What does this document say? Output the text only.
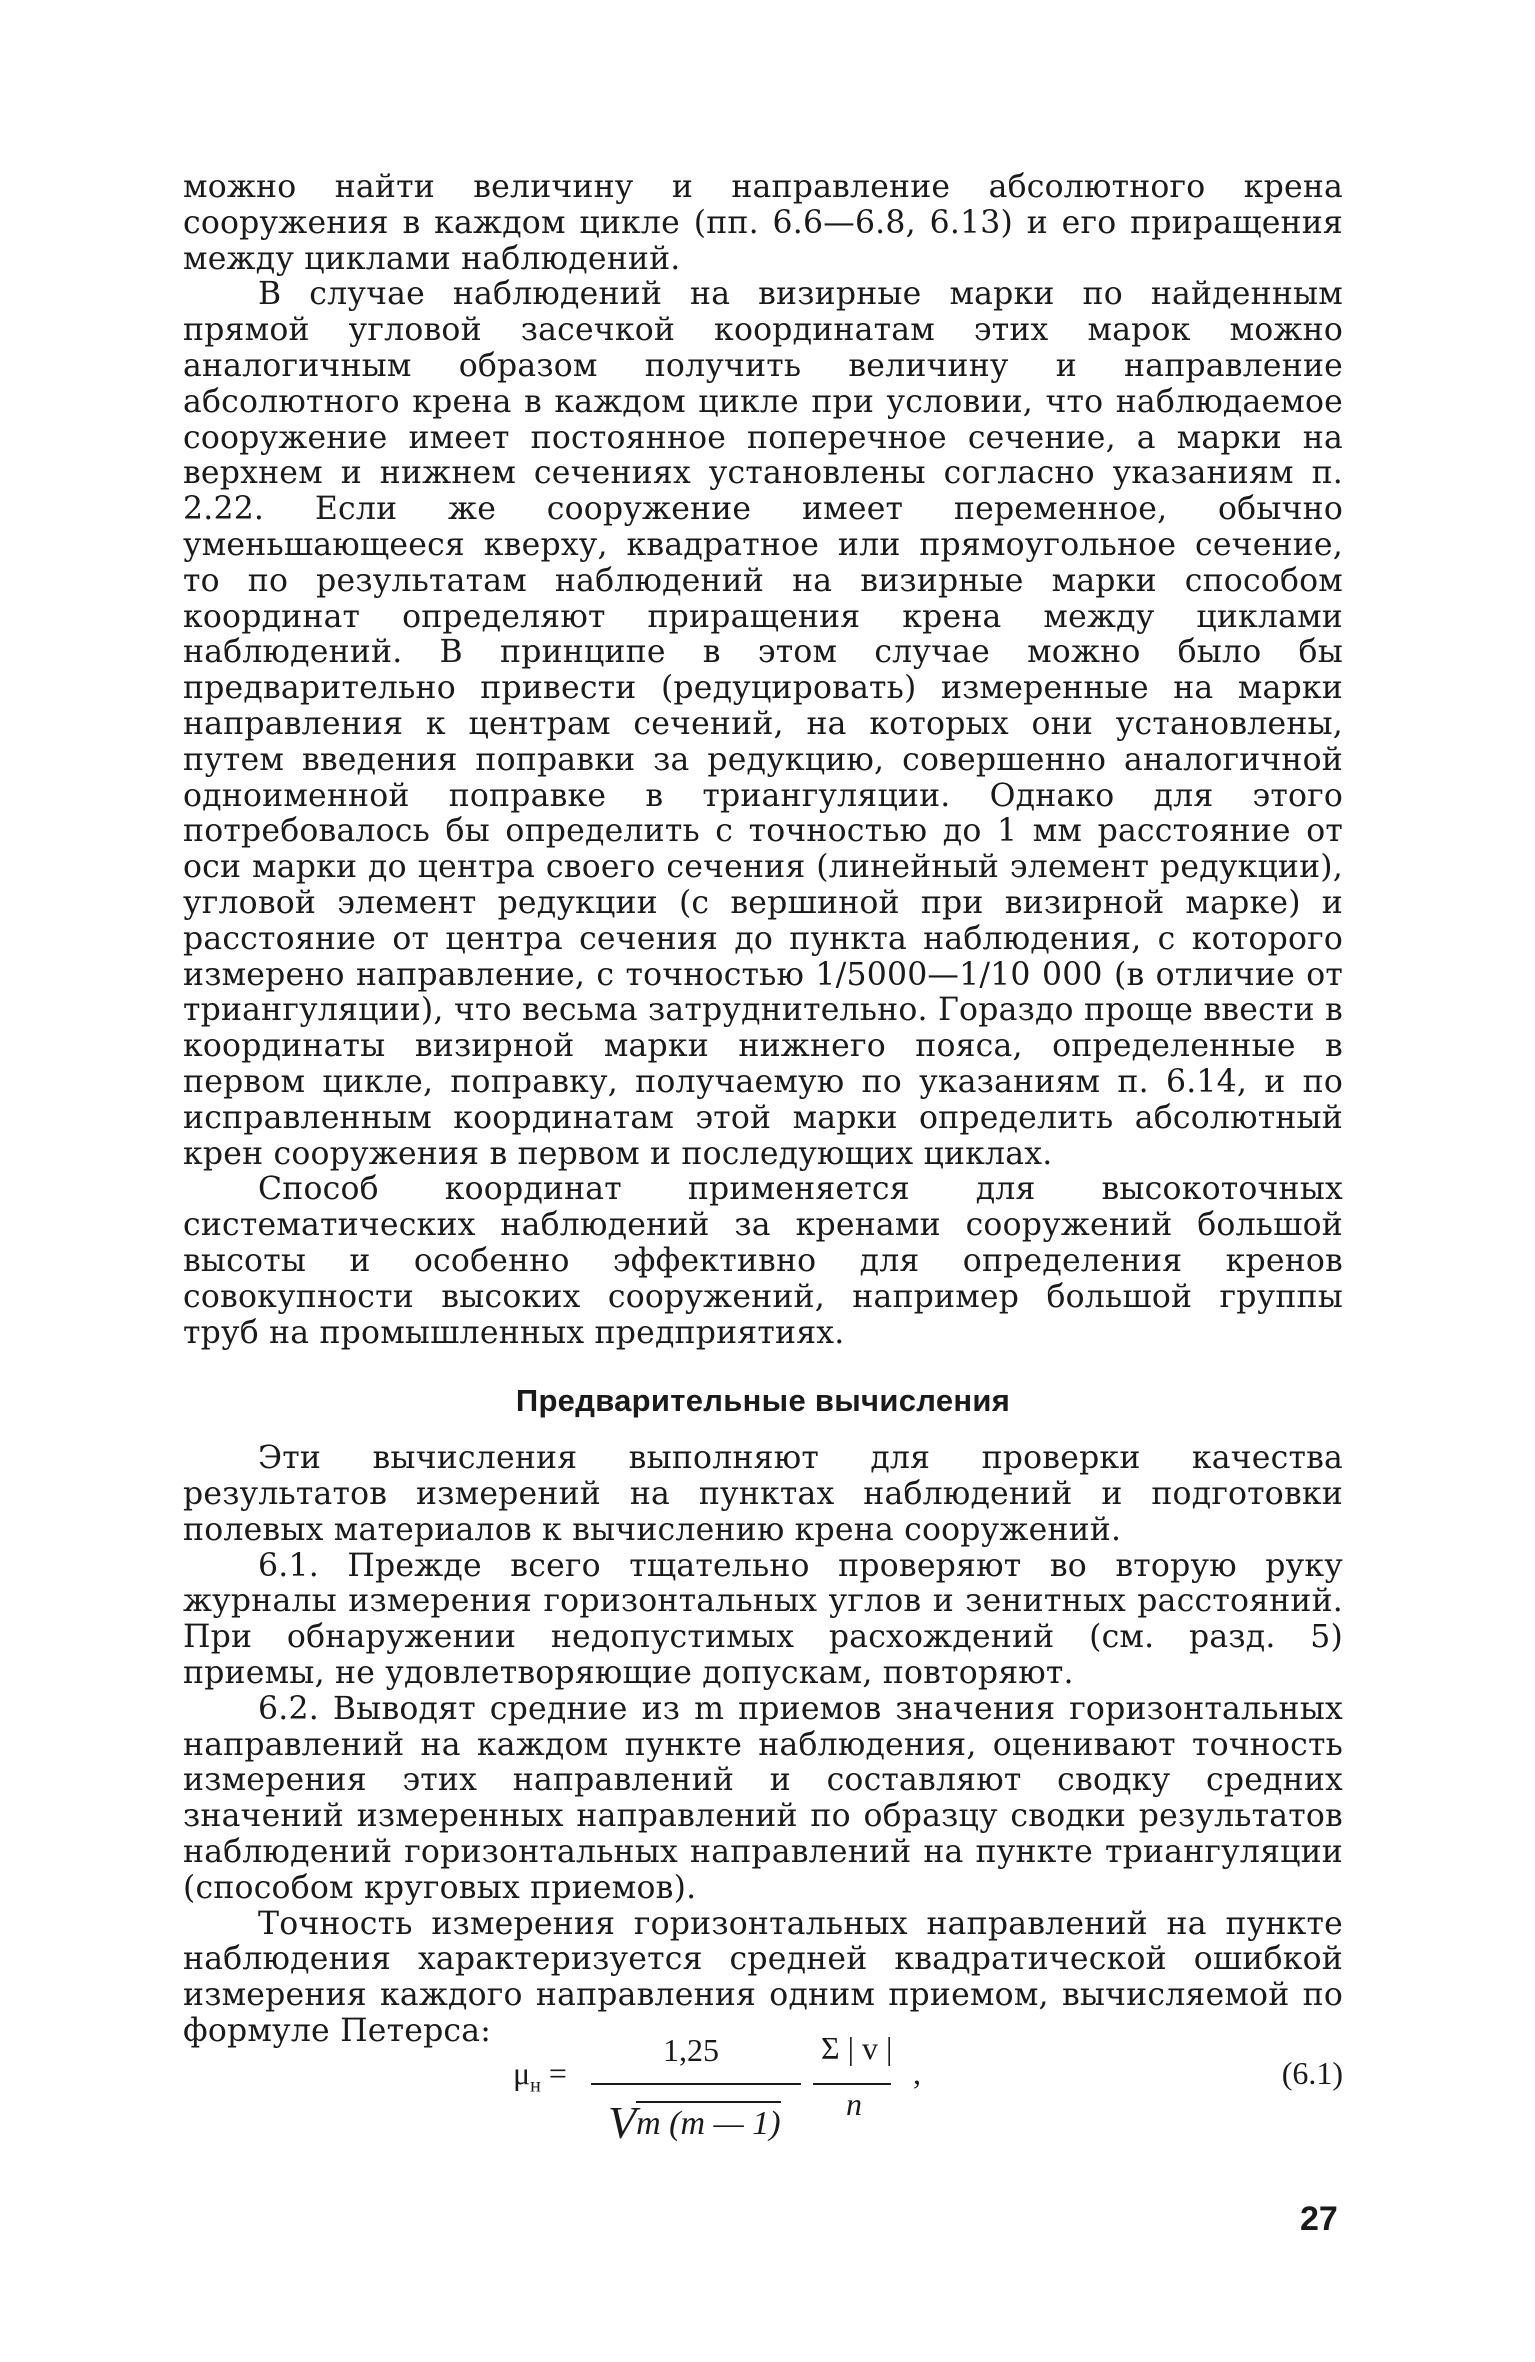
можно найти величину и направление абсолютного крена сооружения в каждом цикле (пп. 6.6—6.8, 6.13) и его приращения между циклами наблюдений.

В случае наблюдений на визирные марки по найденным прямой угловой засечкой координатам этих марок можно аналогичным образом получить величину и направление абсолютного крена в каждом цикле при условии, что наблюдаемое сооружение имеет постоянное поперечное сечение, а марки на верхнем и нижнем сечениях установлены согласно указаниям п. 2.22. Если же сооружение имеет переменное, обычно уменьшающееся кверху, квадратное или прямоугольное сечение, то по результатам наблюдений на визирные марки способом координат определяют приращения крена между циклами наблюдений. В принципе в этом случае можно было бы предварительно привести (редуцировать) измеренные на марки направления к центрам сечений, на которых они установлены, путем введения поправки за редукцию, совершенно аналогичной одноименной поправке в триангуляции. Однако для этого потребовалось бы определить с точностью до 1 мм расстояние от оси марки до центра своего сечения (линейный элемент редукции), угловой элемент редукции (с вершиной при визирной марке) и расстояние от центра сечения до пункта наблюдения, с которого измерено направление, с точностью 1/5000—1/10 000 (в отличие от триангуляции), что весьма затруднительно. Гораздо проще ввести в координаты визирной марки нижнего пояса, определенные в первом цикле, поправку, получаемую по указаниям п. 6.14, и по исправленным координатам этой марки определить абсолютный крен сооружения в первом и последующих циклах.

Способ координат применяется для высокоточных систематических наблюдений за кренами сооружений большой высоты и особенно эффективно для определения кренов совокупности высоких сооружений, например большой группы труб на промышленных предприятиях.

Предварительные вычисления

Эти вычисления выполняют для проверки качества результатов измерений на пунктах наблюдений и подготовки полевых материалов к вычислению крена сооружений.

6.1. Прежде всего тщательно проверяют во вторую руку журналы измерения горизонтальных углов и зенитных расстояний. При обнаружении недопустимых расхождений (см. разд. 5) приемы, не удовлетворяющие допускам, повторяют.

6.2. Выводят средние из m приемов значения горизонтальных направлений на каждом пункте наблюдения, оценивают точность измерения этих направлений и составляют сводку средних значений измеренных направлений по образцу сводки результатов наблюдений горизонтальных направлений на пункте триангуляции (способом круговых приемов).

Точность измерения горизонтальных направлений на пункте наблюдения характеризуется средней квадратической ошибкой измерения каждого направления одним приемом, вычисляемой по формуле Петерса:

$\mu_н$ =
1,25
Vm (m — 1)
Σ | v |
n
,	(6.1)
27
